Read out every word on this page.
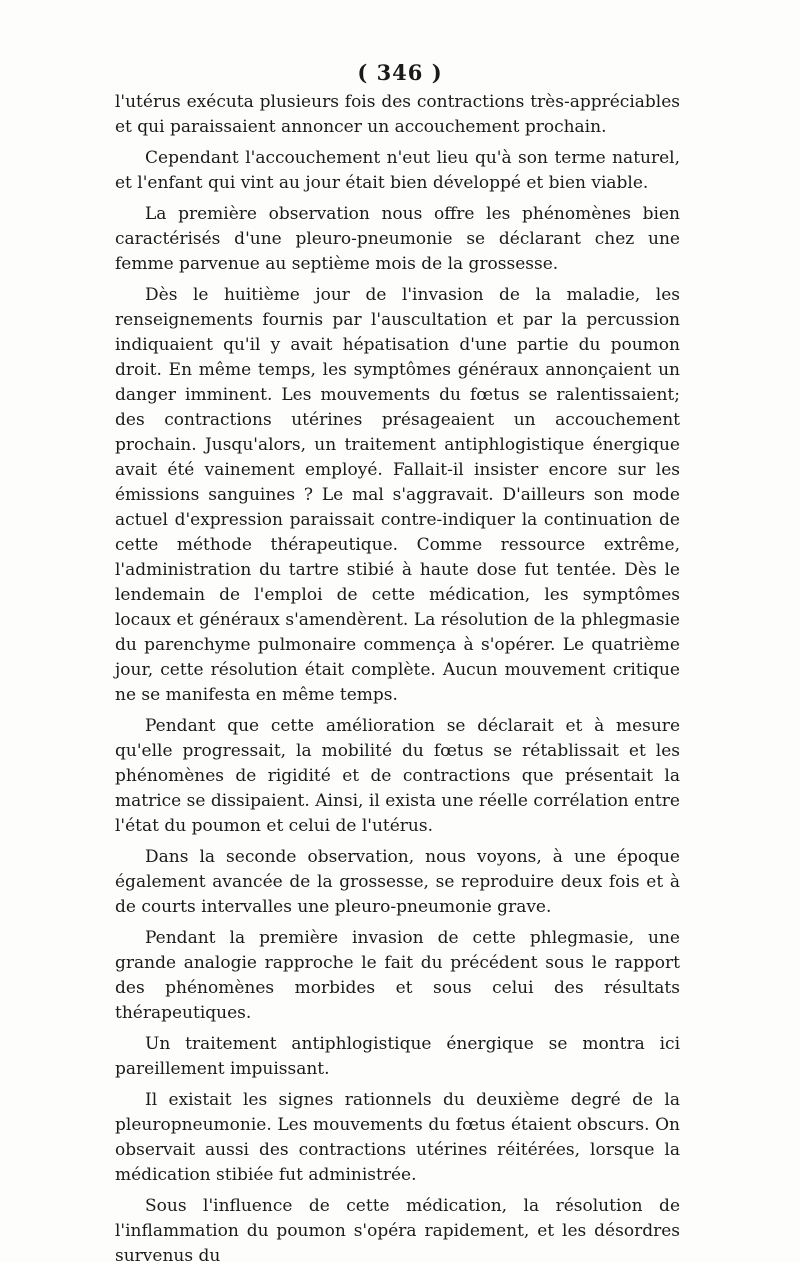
( 346 )

l'utérus exécuta plusieurs fois des contractions très-appréciables et qui paraissaient annoncer un accouchement prochain.

Cependant l'accouchement n'eut lieu qu'à son terme naturel, et l'enfant qui vint au jour était bien développé et bien viable.

La première observation nous offre les phénomènes bien caractérisés d'une pleuro-pneumonie se déclarant chez une femme parvenue au septième mois de la grossesse.

Dès le huitième jour de l'invasion de la maladie, les renseignements fournis par l'auscultation et par la percussion indiquaient qu'il y avait hépatisation d'une partie du poumon droit. En même temps, les symptômes généraux annonçaient un danger imminent. Les mouvements du fœtus se ralentissaient; des contractions utérines présageaient un accouchement prochain. Jusqu'alors, un traitement antiphlogistique énergique avait été vainement employé. Fallait-il insister encore sur les émissions sanguines ? Le mal s'aggravait. D'ailleurs son mode actuel d'expression paraissait contre-indiquer la continuation de cette méthode thérapeutique. Comme ressource extrême, l'administration du tartre stibié à haute dose fut tentée. Dès le lendemain de l'emploi de cette médication, les symptômes locaux et généraux s'amendèrent. La résolution de la phlegmasie du parenchyme pulmonaire commença à s'opérer. Le quatrième jour, cette résolution était complète. Aucun mouvement critique ne se manifesta en même temps.

Pendant que cette amélioration se déclarait et à mesure qu'elle progressait, la mobilité du fœtus se rétablissait et les phénomènes de rigidité et de contractions que présentait la matrice se dissipaient. Ainsi, il exista une réelle corrélation entre l'état du poumon et celui de l'utérus.

Dans la seconde observation, nous voyons, à une époque également avancée de la grossesse, se reproduire deux fois et à de courts intervalles une pleuro-pneumonie grave.

Pendant la première invasion de cette phlegmasie, une grande analogie rapproche le fait du précédent sous le rapport des phénomènes morbides et sous celui des résultats thérapeutiques.

Un traitement antiphlogistique énergique se montra ici pareillement impuissant.

Il existait les signes rationnels du deuxième degré de la pleuropneumonie. Les mouvements du fœtus étaient obscurs. On observait aussi des contractions utérines réitérées, lorsque la médication stibiée fut administrée.

Sous l'influence de cette médication, la résolution de l'inflammation du poumon s'opéra rapidement, et les désordres survenus du
